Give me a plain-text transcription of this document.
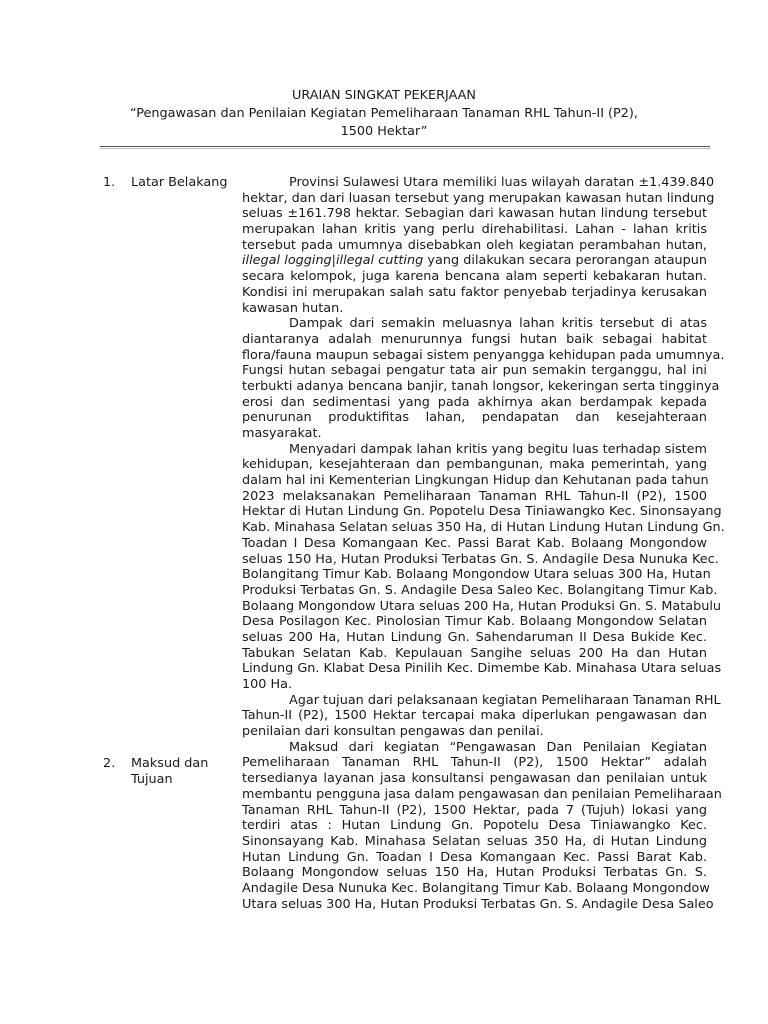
URAIAN SINGKAT PEKERJAAN
“Pengawasan dan Penilaian Kegiatan Pemeliharaan Tanaman RHL Tahun-II (P2),
1500 Hektar”
1. Latar Belakang
2. Maksud dan
Tujuan
Provinsi Sulawesi Utara memiliki luas wilayah daratan ±1.439.840
hektar, dan dari luasan tersebut yang merupakan kawasan hutan lindung
seluas ±161.798 hektar. Sebagian dari kawasan hutan lindung tersebut
merupakan lahan kritis yang perlu direhabilitasi. Lahan - lahan kritis
tersebut pada umumnya disebabkan oleh kegiatan perambahan hutan,
illegal logging|illegal cutting yang dilakukan secara perorangan ataupun
secara kelompok, juga karena bencana alam seperti kebakaran hutan.
Kondisi ini merupakan salah satu faktor penyebab terjadinya kerusakan
kawasan hutan.
Dampak dari semakin meluasnya lahan kritis tersebut di atas
diantaranya adalah menurunnya fungsi hutan baik sebagai habitat
flora/fauna maupun sebagai sistem penyangga kehidupan pada umumnya.
Fungsi hutan sebagai pengatur tata air pun semakin terganggu, hal ini
terbukti adanya bencana banjir, tanah longsor, kekeringan serta tingginya
erosi dan sedimentasi yang pada akhirnya akan berdampak kepada
penurunan produktifitas lahan, pendapatan dan kesejahteraan
masyarakat.
Menyadari dampak lahan kritis yang begitu luas terhadap sistem
kehidupan, kesejahteraan dan pembangunan, maka pemerintah, yang
dalam hal ini Kementerian Lingkungan Hidup dan Kehutanan pada tahun
2023 melaksanakan Pemeliharaan Tanaman RHL Tahun-II (P2), 1500
Hektar di Hutan Lindung Gn. Popotelu Desa Tiniawangko Kec. Sinonsayang
Kab. Minahasa Selatan seluas 350 Ha, di Hutan Lindung Hutan Lindung Gn.
Toadan I Desa Komangaan Kec. Passi Barat Kab. Bolaang Mongondow
seluas 150 Ha, Hutan Produksi Terbatas Gn. S. Andagile Desa Nunuka Kec.
Bolangitang Timur Kab. Bolaang Mongondow Utara seluas 300 Ha, Hutan
Produksi Terbatas Gn. S. Andagile Desa Saleo Kec. Bolangitang Timur Kab.
Bolaang Mongondow Utara seluas 200 Ha, Hutan Produksi Gn. S. Matabulu
Desa Posilagon Kec. Pinolosian Timur Kab. Bolaang Mongondow Selatan
seluas 200 Ha, Hutan Lindung Gn. Sahendaruman II Desa Bukide Kec.
Tabukan Selatan Kab. Kepulauan Sangihe seluas 200 Ha dan Hutan
Lindung Gn. Klabat Desa Pinilih Kec. Dimembe Kab. Minahasa Utara seluas
100 Ha.
Agar tujuan dari pelaksanaan kegiatan Pemeliharaan Tanaman RHL
Tahun-II (P2), 1500 Hektar tercapai maka diperlukan pengawasan dan
penilaian dari konsultan pengawas dan penilai.
Maksud dari kegiatan “Pengawasan Dan Penilaian Kegiatan
Pemeliharaan Tanaman RHL Tahun-II (P2), 1500 Hektar” adalah
tersedianya layanan jasa konsultansi pengawasan dan penilaian untuk
membantu pengguna jasa dalam pengawasan dan penilaian Pemeliharaan
Tanaman RHL Tahun-II (P2), 1500 Hektar, pada 7 (Tujuh) lokasi yang
terdiri atas : Hutan Lindung Gn. Popotelu Desa Tiniawangko Kec.
Sinonsayang Kab. Minahasa Selatan seluas 350 Ha, di Hutan Lindung
Hutan Lindung Gn. Toadan I Desa Komangaan Kec. Passi Barat Kab.
Bolaang Mongondow seluas 150 Ha, Hutan Produksi Terbatas Gn. S.
Andagile Desa Nunuka Kec. Bolangitang Timur Kab. Bolaang Mongondow
Utara seluas 300 Ha, Hutan Produksi Terbatas Gn. S. Andagile Desa Saleo
